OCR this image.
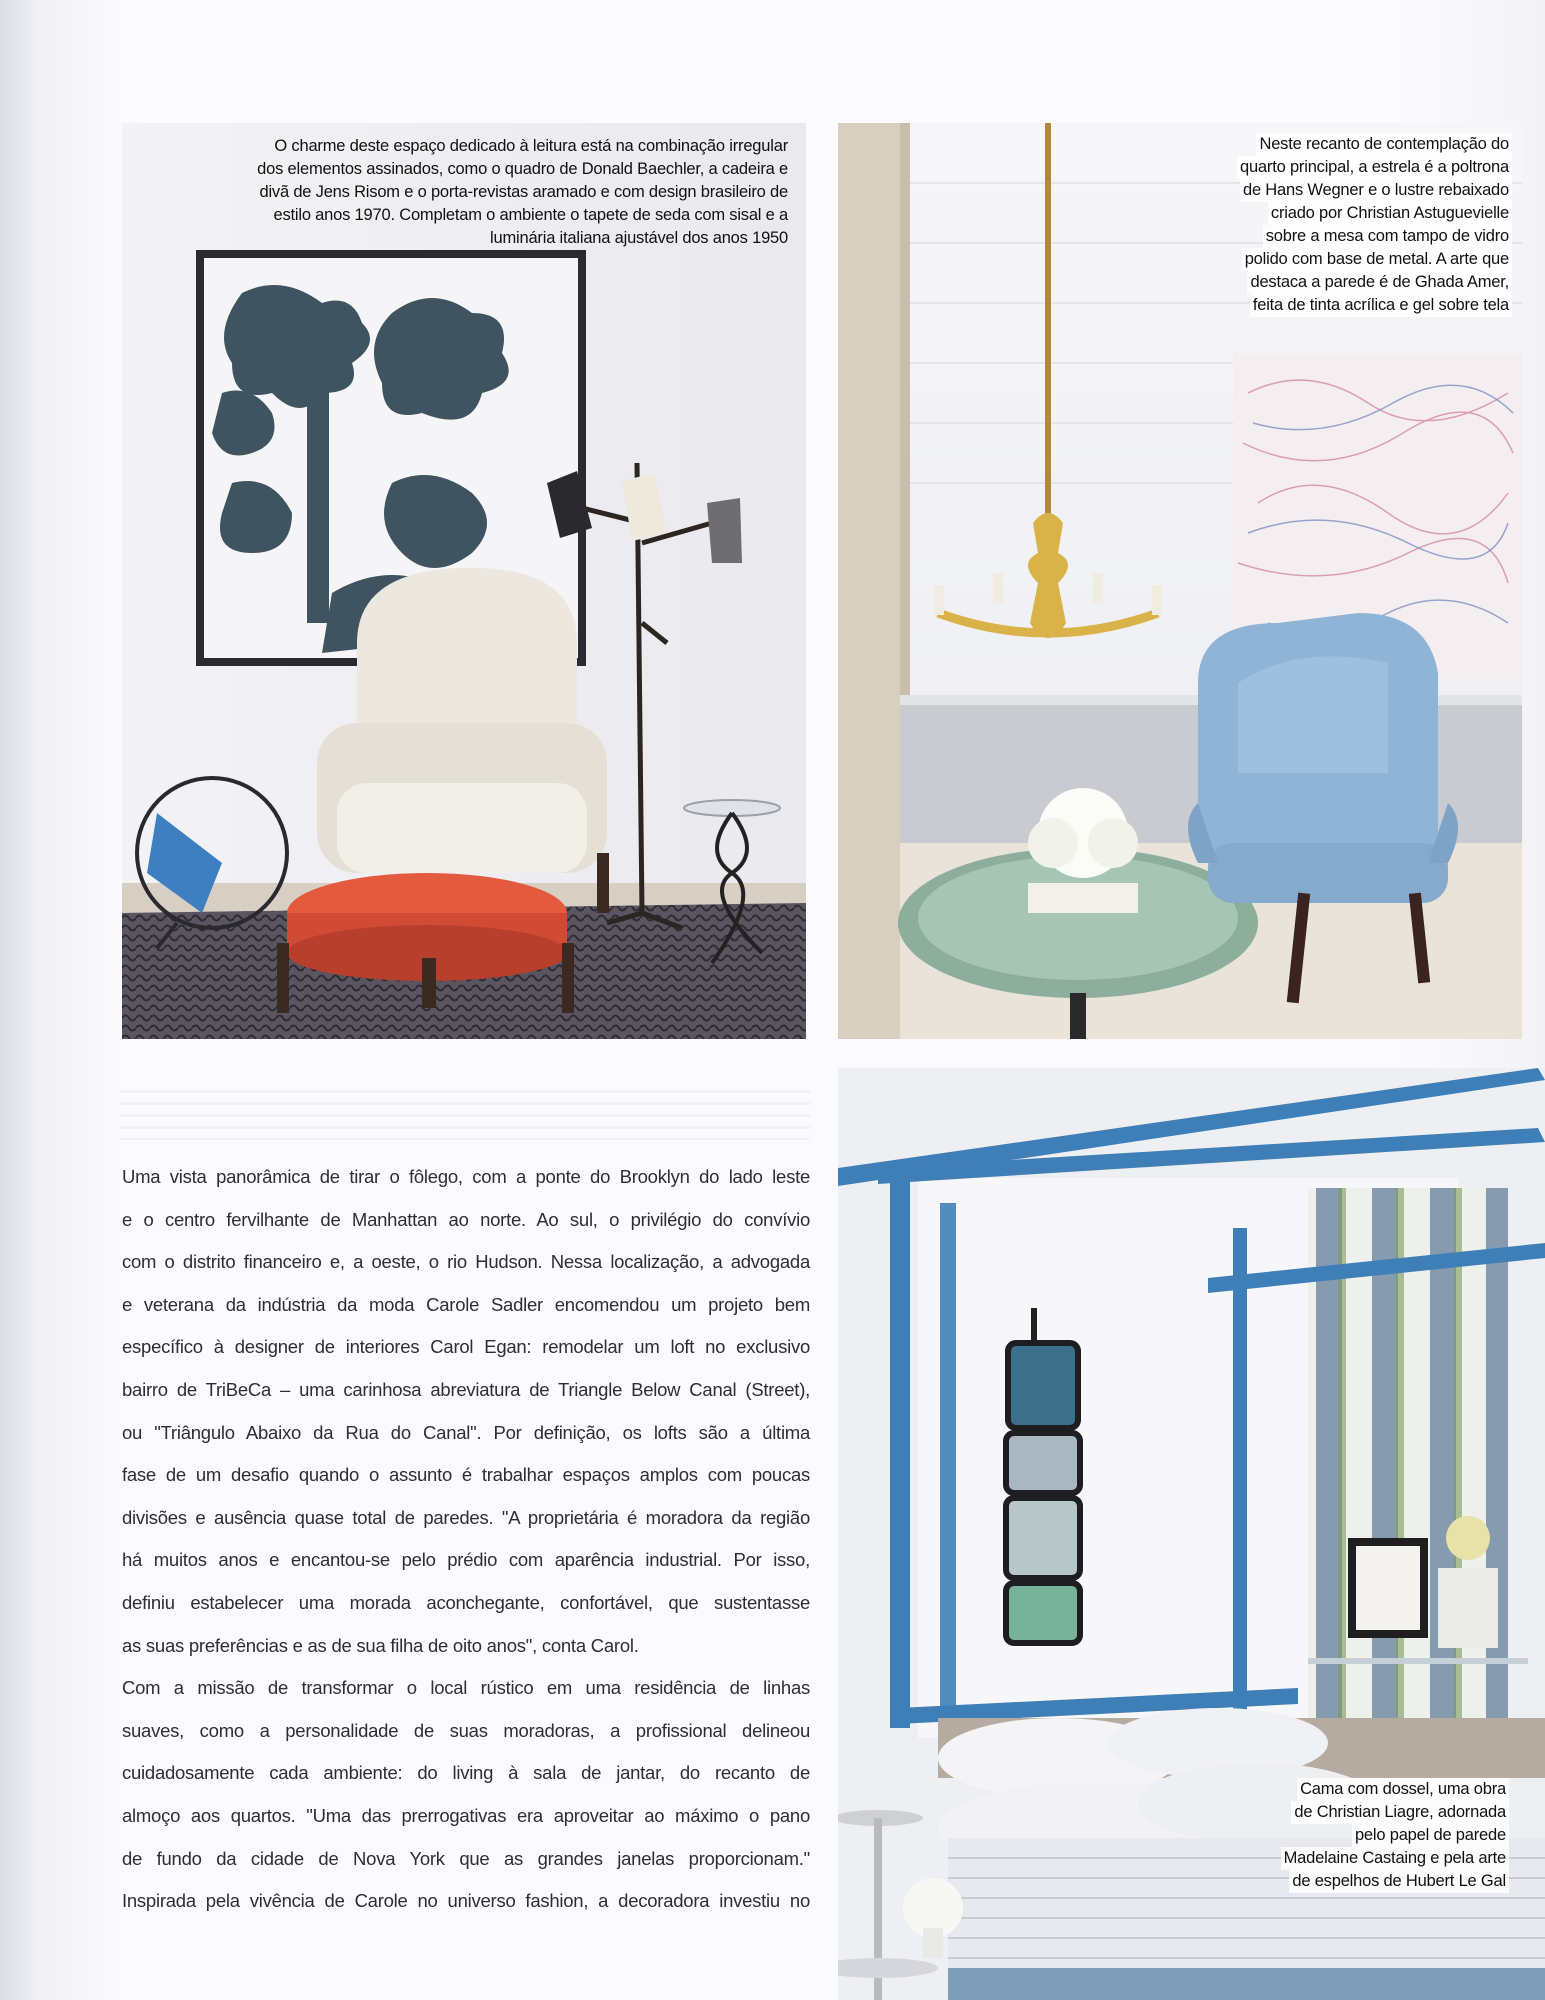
O charme deste espaço dedicado à leitura está na combinação irregular
dos elementos assinados, como o quadro de Donald Baechler, a cadeira e
divã de Jens Risom e o porta-revistas aramado e com design brasileiro de
estilo anos 1970. Completam o ambiente o tapete de seda com sisal e a
luminária italiana ajustável dos anos 1950
Neste recanto de contemplação do
quarto principal, a estrela é a poltrona
de Hans Wegner e o lustre rebaixado
criado por Christian Astuguevielle
sobre a mesa com tampo de vidro
polido com base de metal. A arte que
destaca a parede é de Ghada Amer,
feita de tinta acrílica e gel sobre tela
Uma vista panorâmica de tirar o fôlego, com a ponte do Brooklyn do lado leste
e o centro fervilhante de Manhattan ao norte. Ao sul, o privilégio do convívio
com o distrito financeiro e, a oeste, o rio Hudson. Nessa localização, a advogada
e veterana da indústria da moda Carole Sadler encomendou um projeto bem
específico à designer de interiores Carol Egan: remodelar um loft no exclusivo
bairro de TriBeCa – uma carinhosa abreviatura de Triangle Below Canal (Street),
ou "Triângulo Abaixo da Rua do Canal". Por definição, os lofts são a última
fase de um desafio quando o assunto é trabalhar espaços amplos com poucas
divisões e ausência quase total de paredes. "A proprietária é moradora da região
há muitos anos e encantou-se pelo prédio com aparência industrial. Por isso,
definiu estabelecer uma morada aconchegante, confortável, que sustentasse
as suas preferências e as de sua filha de oito anos", conta Carol.
Com a missão de transformar o local rústico em uma residência de linhas
suaves, como a personalidade de suas moradoras, a profissional delineou
cuidadosamente cada ambiente: do living à sala de jantar, do recanto de
almoço aos quartos. "Uma das prerrogativas era aproveitar ao máximo o pano
de fundo da cidade de Nova York que as grandes janelas proporcionam."
Inspirada pela vivência de Carole no universo fashion, a decoradora investiu no
Cama com dossel, uma obra
de Christian Liagre, adornada
pelo papel de parede
Madelaine Castaing e pela arte
de espelhos de Hubert Le Gal
